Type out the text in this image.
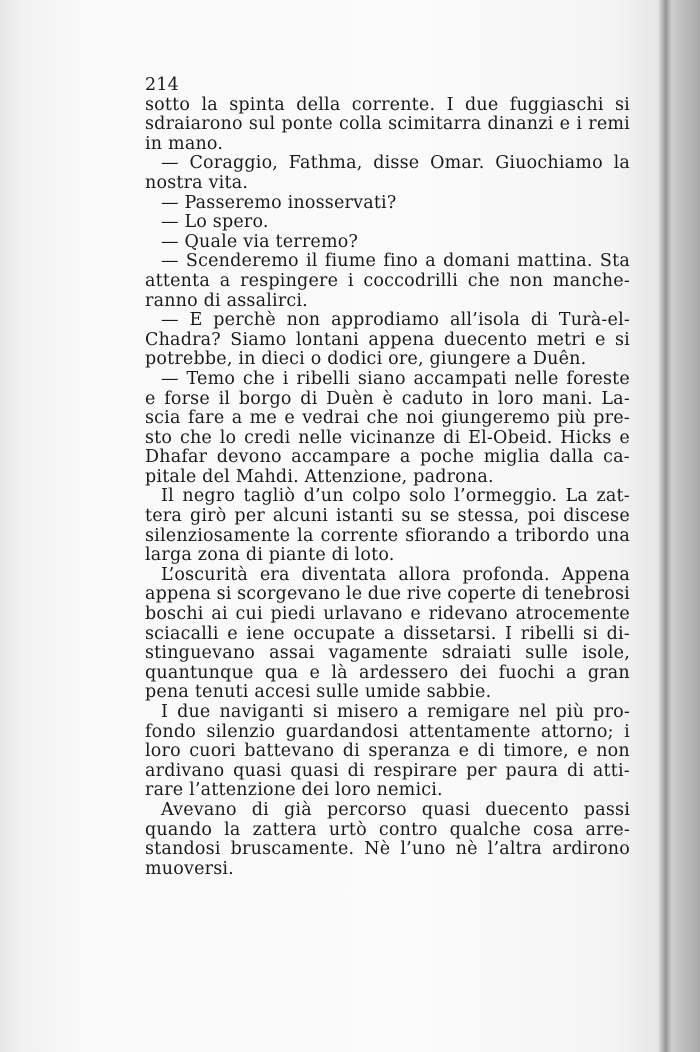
214
sotto la spinta della corrente. I due fuggiaschi si
sdraiarono sul ponte colla scimitarra dinanzi e i remi
in mano.
— Coraggio, Fathma, disse Omar. Giuochiamo la
nostra vita.
— Passeremo inosservati?
— Lo spero.
— Quale via terremo?
— Scenderemo il fiume fino a domani mattina. Sta
attenta a respingere i coccodrilli che non manche-
ranno di assalirci.
— E perchè non approdiamo all’isola di Turà-el-
Chadra? Siamo lontani appena duecento metri e si
potrebbe, in dieci o dodici ore, giungere a Duên.
— Temo che i ribelli siano accampati nelle foreste
e forse il borgo di Duèn è caduto in loro mani. La-
scia fare a me e vedrai che noi giungeremo più pre-
sto che lo credi nelle vicinanze di El-Obeid. Hicks e
Dhafar devono accampare a poche miglia dalla ca-
pitale del Mahdi. Attenzione, padrona.
Il negro tagliò d’un colpo solo l’ormeggio. La zat-
tera girò per alcuni istanti su se stessa, poi discese
silenziosamente la corrente sfiorando a tribordo una
larga zona di piante di loto.
L’oscurità era diventata allora profonda. Appena
appena si scorgevano le due rive coperte di tenebrosi
boschi ai cui piedi urlavano e ridevano atrocemente
sciacalli e iene occupate a dissetarsi. I ribelli si di-
stinguevano assai vagamente sdraiati sulle isole,
quantunque qua e là ardessero dei fuochi a gran
pena tenuti accesi sulle umide sabbie.
I due naviganti si misero a remigare nel più pro-
fondo silenzio guardandosi attentamente attorno; i
loro cuori battevano di speranza e di timore, e non
ardivano quasi quasi di respirare per paura di atti-
rare l’attenzione dei loro nemici.
Avevano di già percorso quasi duecento passi
quando la zattera urtò contro qualche cosa arre-
standosi bruscamente. Nè l’uno nè l’altra ardirono
muoversi.
